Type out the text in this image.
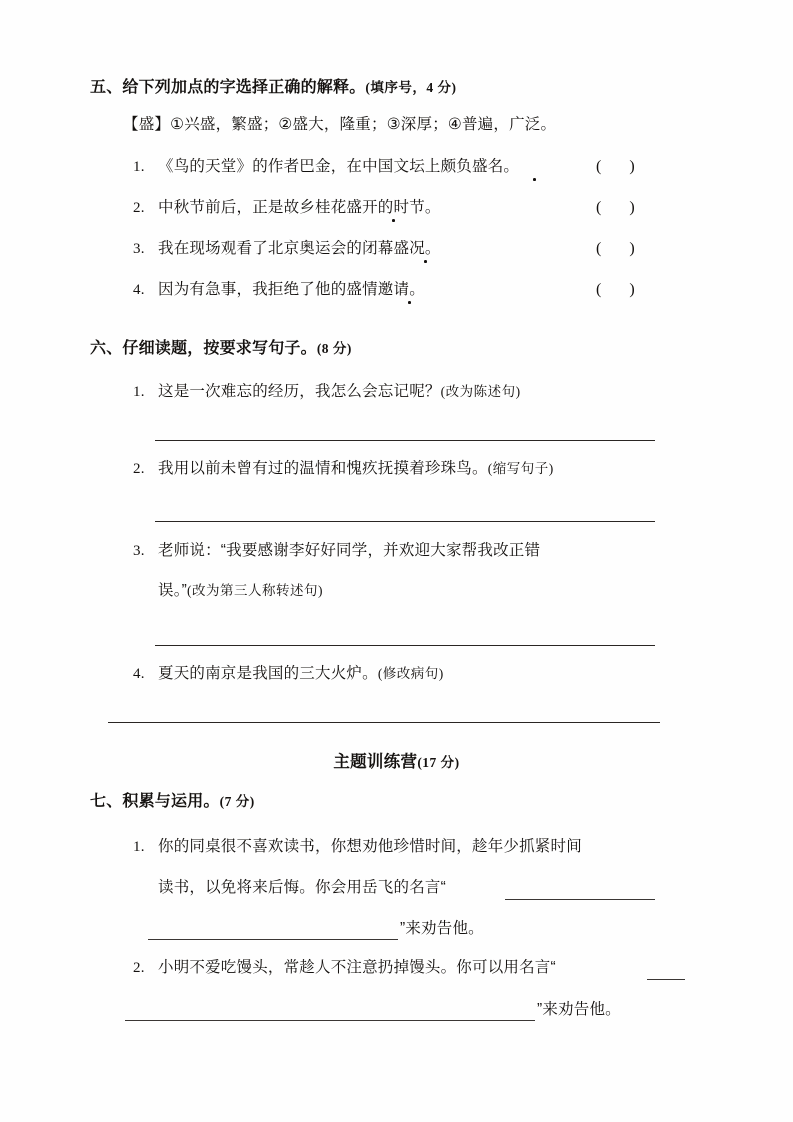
五、给下列加点的字选择正确的解释。(填序号，4 分)
【盛】①兴盛，繁盛；②盛大，隆重；③深厚；④普遍，广泛。
1. 《鸟的天堂》的作者巴金，在中国文坛上颇负盛名。	(       )
2. 中秋节前后，正是故乡桂花盛开的时节。	(       )
3. 我在现场观看了北京奥运会的闭幕盛况。	(       )
4. 因为有急事，我拒绝了他的盛情邀请。	(       )
六、仔细读题，按要求写句子。(8 分)
1. 这是一次难忘的经历，我怎么会忘记呢？(改为陈述句)
2. 我用以前未曾有过的温情和愧疚抚摸着珍珠鸟。(缩写句子)
3. 老师说：“我要感谢李好好同学，并欢迎大家帮我改正错
误。”(改为第三人称转述句)
4. 夏天的南京是我国的三大火炉。(修改病句)
主题训练营(17 分)
七、积累与运用。(7 分)
1. 你的同桌很不喜欢读书，你想劝他珍惜时间，趁年少抓紧时间
读书，以免将来后悔。你会用岳飞的名言“
”来劝告他。
2. 小明不爱吃馒头，常趁人不注意扔掉馒头。你可以用名言“
”来劝告他。
